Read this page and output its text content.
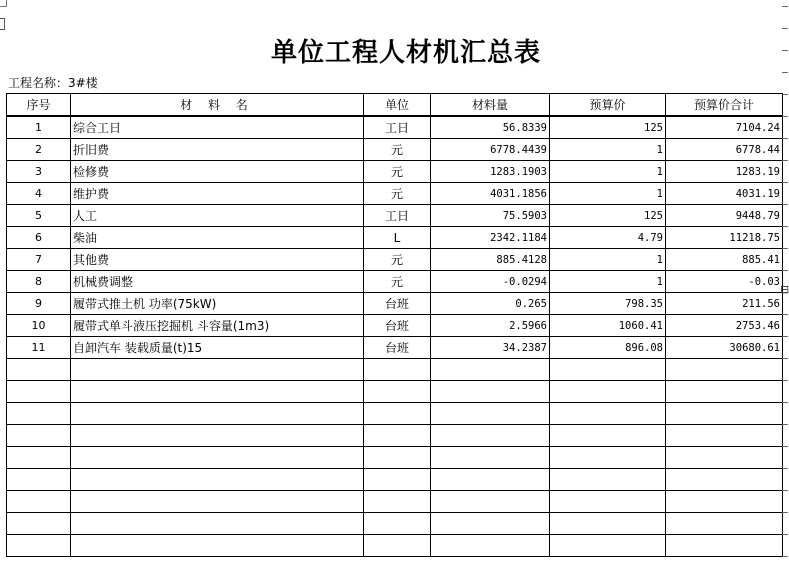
单位工程人材机汇总表
工程名称：3#楼
序号	材 料 名	单位	材料量	预算价	预算价合计
1	综合工日	工日	56.8339	125	7104.24
2	折旧费	元	6778.4439	1	6778.44
3	检修费	元	1283.1903	1	1283.19
4	维护费	元	4031.1856	1	4031.19
5	人工	工日	75.5903	125	9448.79
6	柴油	L	2342.1184	4.79	11218.75
7	其他费	元	885.4128	1	885.41
8	机械费调整	元	-0.0294	1	-0.03
9	履带式推土机 功率(75kW)	台班	0.265	798.35	211.56
10	履带式单斗液压挖掘机 斗容量(1m3)	台班	2.5966	1060.41	2753.46
11	自卸汽车 装载质量(t)15	台班	34.2387	896.08	30680.61

⊟
